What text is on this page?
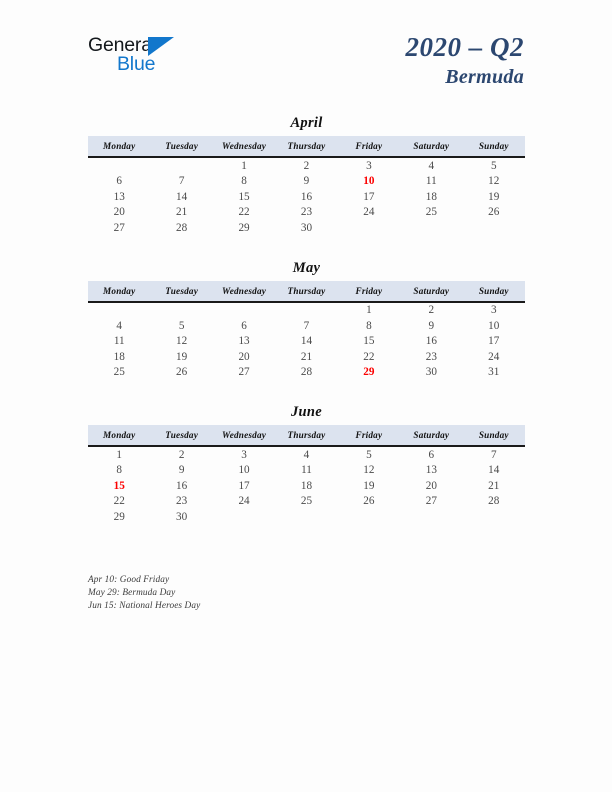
General
Blue
2020 – Q2
Bermuda
April
Monday	Tuesday	Wednesday	Thursday	Friday	Saturday	Sunday
		1	2	3	4	5
6	7	8	9	10	11	12
13	14	15	16	17	18	19
20	21	22	23	24	25	26
27	28	29	30			
May
Monday	Tuesday	Wednesday	Thursday	Friday	Saturday	Sunday
				1	2	3
4	5	6	7	8	9	10
11	12	13	14	15	16	17
18	19	20	21	22	23	24
25	26	27	28	29	30	31
June
Monday	Tuesday	Wednesday	Thursday	Friday	Saturday	Sunday
1	2	3	4	5	6	7
8	9	10	11	12	13	14
15	16	17	18	19	20	21
22	23	24	25	26	27	28
29	30					
Apr 10: Good Friday
May 29: Bermuda Day
Jun 15: National Heroes Day
